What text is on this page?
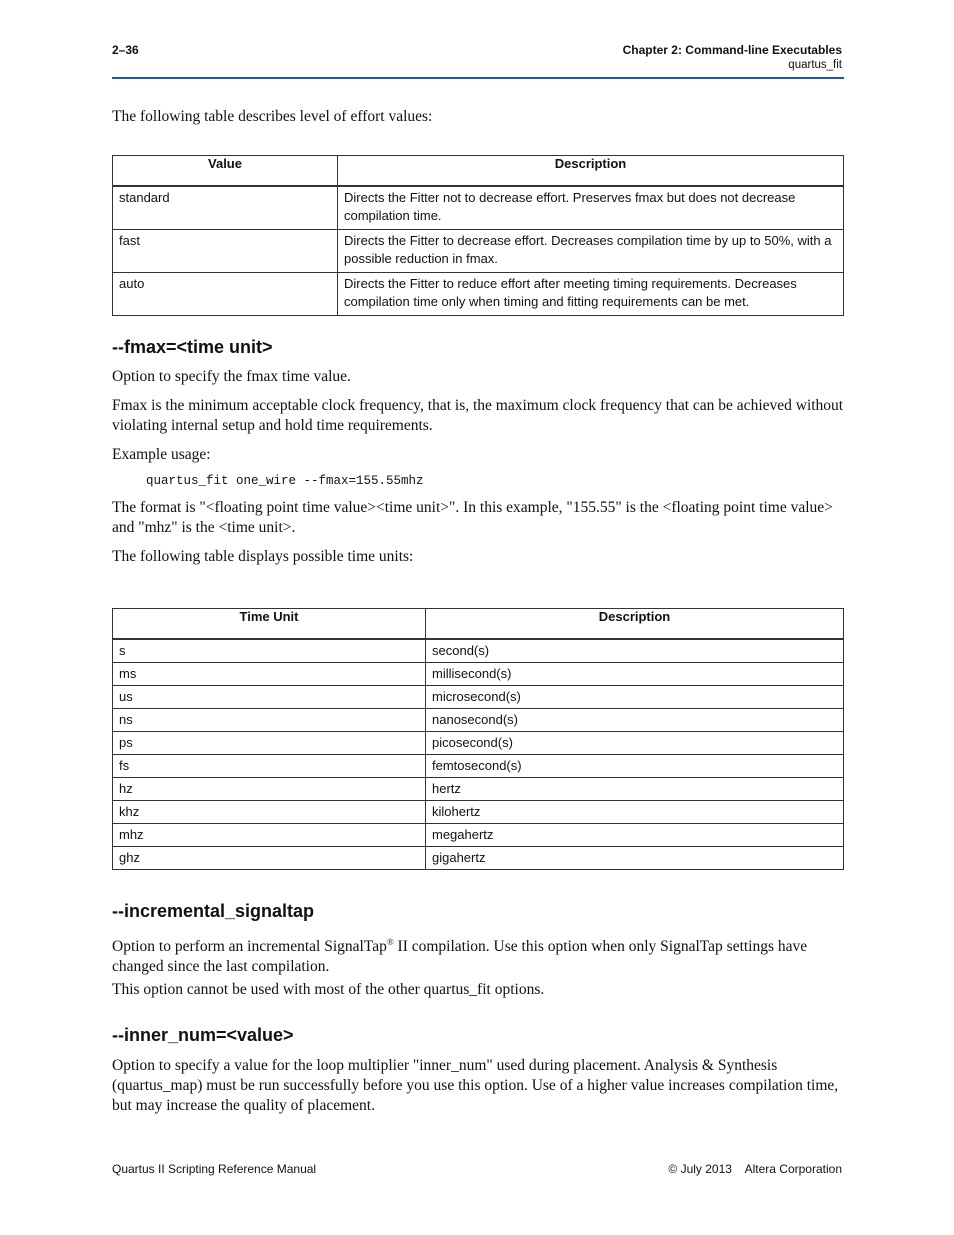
2–36	Chapter 2: Command-line Executables
quartus_fit
The following table describes level of effort values:
Value	Description
standard	Directs the Fitter not to decrease effort. Preserves fmax but does not decrease compilation time.
fast	Directs the Fitter to decrease effort. Decreases compilation time by up to 50%, with a possible reduction in fmax.
auto	Directs the Fitter to reduce effort after meeting timing requirements. Decreases compilation time only when timing and fitting requirements can be met.
--fmax=<time unit>
Option to specify the fmax time value.
Fmax is the minimum acceptable clock frequency, that is, the maximum clock frequency that can be achieved without violating internal setup and hold time requirements.
Example usage:
quartus_fit one_wire --fmax=155.55mhz
The format is "<floating point time value><time unit>". In this example, "155.55" is the <floating point time value> and "mhz" is the <time unit>.
The following table displays possible time units:
Time Unit	Description
s	second(s)
ms	millisecond(s)
us	microsecond(s)
ns	nanosecond(s)
ps	picosecond(s)
fs	femtosecond(s)
hz	hertz
khz	kilohertz
mhz	megahertz
ghz	gigahertz
--incremental_signaltap
Option to perform an incremental SignalTap® II compilation. Use this option when only SignalTap settings have changed since the last compilation.
This option cannot be used with most of the other quartus_fit options.
--inner_num=<value>
Option to specify a value for the loop multiplier "inner_num" used during placement. Analysis & Synthesis (quartus_map) must be run successfully before you use this option. Use of a higher value increases compilation time, but may increase the quality of placement.
Quartus II Scripting Reference Manual	© July 2013    Altera Corporation
